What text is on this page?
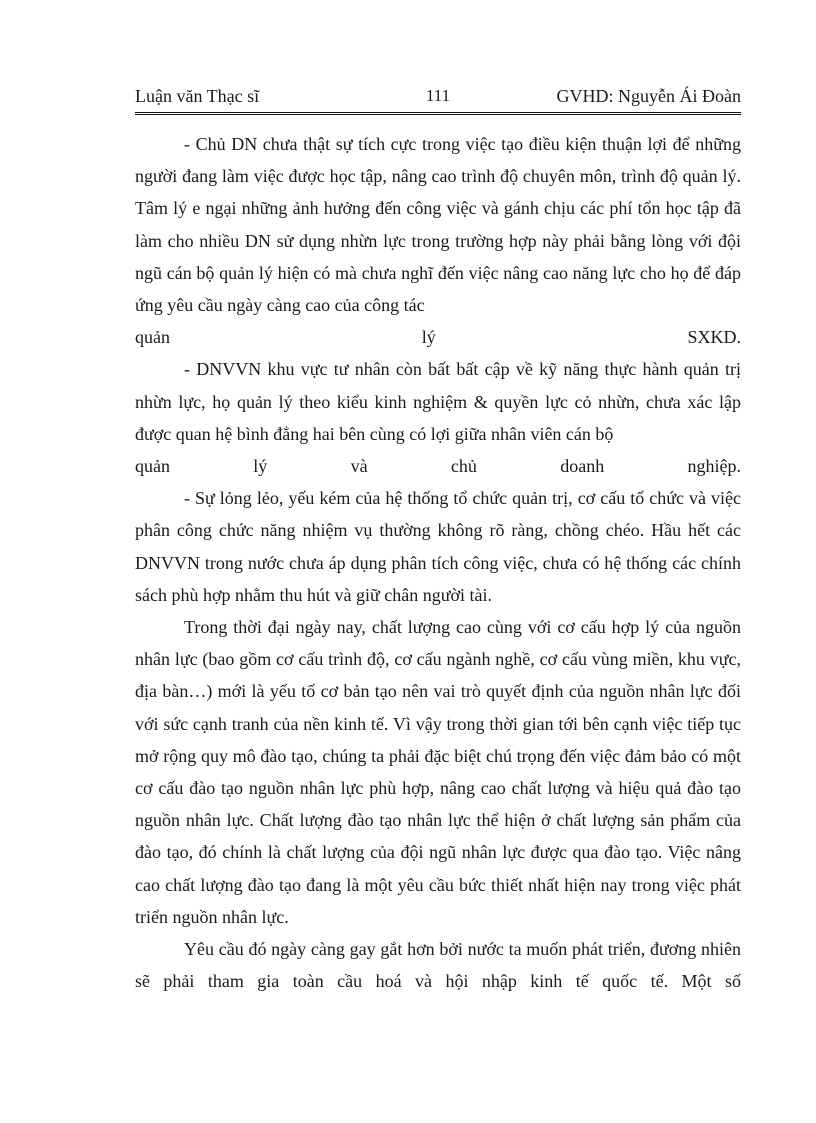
111
Luận văn Thạc sĩ	GVHD: Nguyễn Ái Đoàn

- Chủ DN chưa thật sự tích cực trong việc tạo điều kiện thuận lợi để những người đang làm việc được học tập, nâng cao trình độ chuyên môn, trình độ quản lý. Tâm lý e ngại những ảnh hưởng đến công việc và gánh chịu các phí tổn học tập đã làm cho nhiều DN sử dụng nhừn lực trong trường hợp này phải bằng lòng với đội ngũ cán bộ quản lý hiện có mà chưa nghĩ đến việc nâng cao năng lực cho họ để đáp ứng yêu cầu ngày càng cao của công tác
quản lý SXKD.

- DNVVN khu vực tư nhân còn bất bất cập về kỹ năng thực hành quản trị nhừn lực, họ quản lý theo kiểu kinh nghiệm & quyền lực cỏ nhừn, chưa xác lập được quan hệ bình đẳng hai bên cùng có lợi giữa nhân viên cán bộ
quản lý và chủ doanh nghiệp.

- Sự lỏng lẻo, yếu kém của hệ thống tổ chức quản trị, cơ cấu tổ chức và việc phân công chức năng nhiệm vụ thường không rõ ràng, chồng chéo. Hầu hết các DNVVN trong nước chưa áp dụng phân tích công việc, chưa có hệ thống các chính sách phù hợp nhằm thu hút và giữ chân người tài.

Trong thời đại ngày nay, chất lượng cao cùng với cơ cấu hợp lý của nguồn nhân lực (bao gồm cơ cấu trình độ, cơ cấu ngành nghề, cơ cấu vùng miền, khu vực, địa bàn…) mới là yếu tố cơ bản tạo nên vai trò quyết định của nguồn nhân lực đối với sức cạnh tranh của nền kinh tế. Vì vậy trong thời gian tới bên cạnh việc tiếp tục mở rộng quy mô đào tạo, chúng ta phải đặc biệt chú trọng đến việc đảm bảo có một cơ cấu đào tạo nguồn nhân lực phù hợp, nâng cao chất lượng và hiệu quả đào tạo nguồn nhân lực. Chất lượng đào tạo nhân lực thể hiện ở chất lượng sản phẩm của đào tạo, đó chính là chất lượng của đội ngũ nhân lực được qua đào tạo. Việc nâng cao chất lượng đào tạo đang là một yêu cầu bức thiết nhất hiện nay trong việc phát triển nguồn nhân lực.

Yêu cầu đó ngày càng gay gắt hơn bởi nước ta muốn phát triển, đương nhiên sẽ phải tham gia toàn cầu hoá và hội nhập kinh tế quốc tế. Một số
